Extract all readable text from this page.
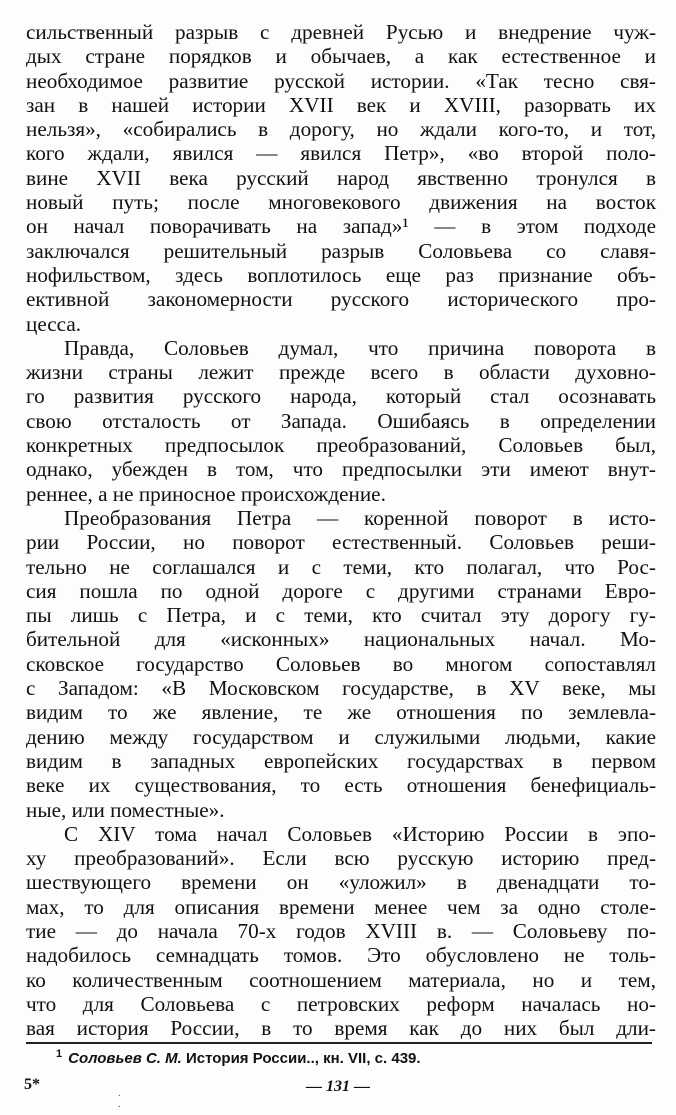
сильственный разрыв с древней Русью и внедрение чуж-
дых стране порядков и обычаев, а как естественное и
необходимое развитие русской истории. «Так тесно свя-
зан в нашей истории XVII век и XVIII, разорвать их
нельзя», «собирались в дорогу, но ждали кого-то, и тот,
кого ждали, явился — явился Петр», «во второй поло-
вине XVII века русский народ явственно тронулся в
новый путь; после многовекового движения на восток
он начал поворачивать на запад»¹ — в этом подходе
заключался решительный разрыв Соловьева со славя-
нофильством, здесь воплотилось еще раз признание объ-
ективной закономерности русского исторического про-
цесса.
Правда, Соловьев думал, что причина поворота в
жизни страны лежит прежде всего в области духовно-
го развития русского народа, который стал осознавать
свою отсталость от Запада. Ошибаясь в определении
конкретных предпосылок преобразований, Соловьев был,
однако, убежден в том, что предпосылки эти имеют внут-
реннее, а не приносное происхождение.
Преобразования Петра — коренной поворот в исто-
рии России, но поворот естественный. Соловьев реши-
тельно не соглашался и с теми, кто полагал, что Рос-
сия пошла по одной дороге с другими странами Евро-
пы лишь с Петра, и с теми, кто считал эту дорогу гу-
бительной для «исконных» национальных начал. Мо-
сковское государство Соловьев во многом сопоставлял
с Западом: «В Московском государстве, в XV веке, мы
видим то же явление, те же отношения по землевла-
дению между государством и служилыми людьми, какие
видим в западных европейских государствах в первом
веке их существования, то есть отношения бенефициаль-
ные, или поместные».
С XIV тома начал Соловьев «Историю России в эпо-
ху преобразований». Если всю русскую историю пред-
шествующего времени он «уложил» в двенадцати то-
мах, то для описания времени менее чем за одно столе-
тие — до начала 70-х годов XVIII в. — Соловьеву по-
надобилось семнадцать томов. Это обусловлено не толь-
ко количественным соотношением материала, но и тем,
что для Соловьева с петровских реформ началась но-
вая история России, в то время как до них был дли-
$^1$ Соловьев С. М. История России.., кн. VII, с. 439.
5*
. .
— 131 —
